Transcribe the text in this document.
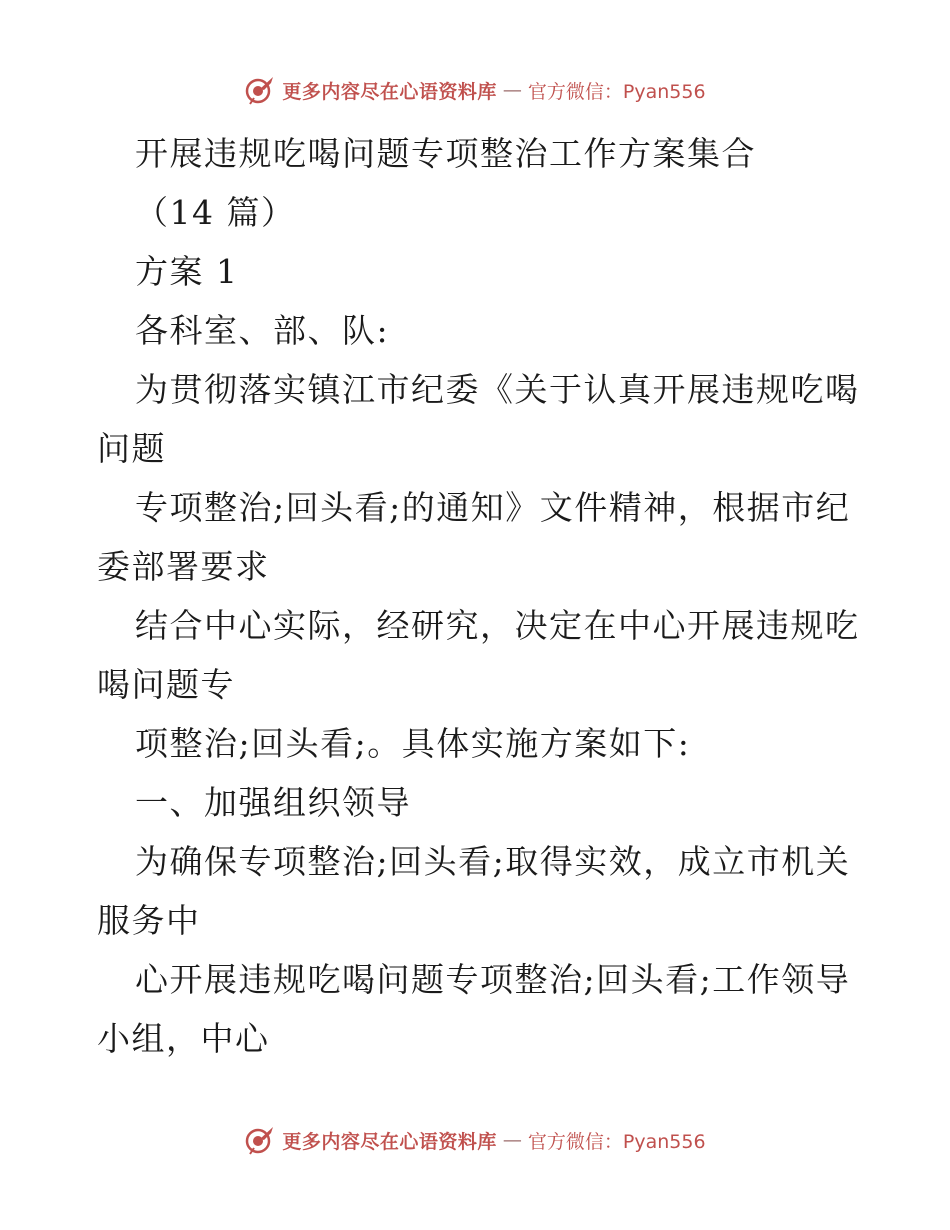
更多内容尽在心语资料库 — 官方微信：Pyan556
开展违规吃喝问题专项整治工作方案集合
（14 篇）
方案 1
各科室、部、队:
为贯彻落实镇江市纪委《关于认真开展违规吃喝
问题
专项整治;回头看;的通知》文件精神，根据市纪
委部署要求
结合中心实际，经研究，决定在中心开展违规吃
喝问题专
项整治;回头看;。具体实施方案如下:
一、加强组织领导
为确保专项整治;回头看;取得实效，成立市机关
服务中
心开展违规吃喝问题专项整治;回头看;工作领导
小组，中心
更多内容尽在心语资料库 — 官方微信：Pyan556
